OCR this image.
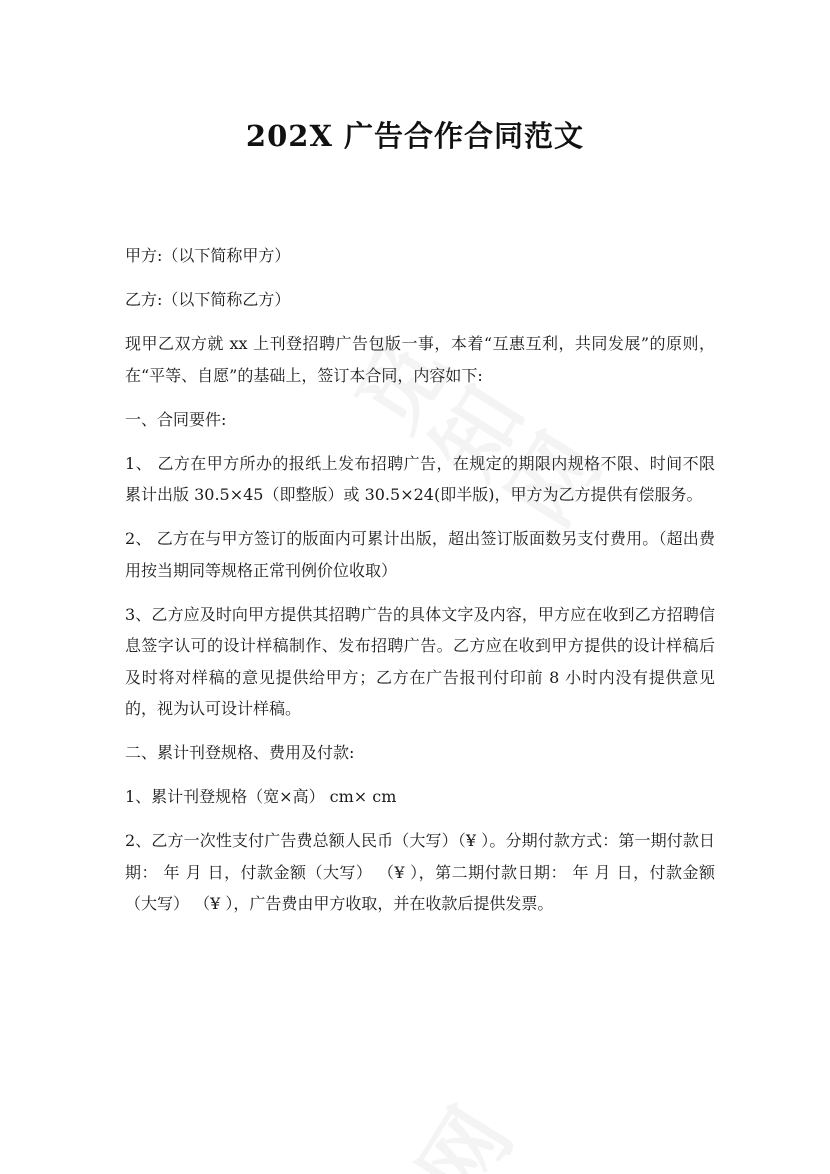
202X 广告合作合同范文

甲方:（以下简称甲方）

乙方:（以下简称乙方）

现甲乙双方就 xx 上刊登招聘广告包版一事，本着“互惠互利，共同发展”的原则，在“平等、自愿”的基础上，签订本合同，内容如下:

一、合同要件:

1、 乙方在甲方所办的报纸上发布招聘广告，在规定的期限内规格不限、时间不限累计出版 30.5×45（即整版）或 30.5×24(即半版)，甲方为乙方提供有偿服务。

2、 乙方在与甲方签订的版面内可累计出版，超出签订版面数另支付费用。（超出费用按当期同等规格正常刊例价位收取）

3、乙方应及时向甲方提供其招聘广告的具体文字及内容，甲方应在收到乙方招聘信息签字认可的设计样稿制作、发布招聘广告。乙方应在收到甲方提供的设计样稿后及时将对样稿的意见提供给甲方；乙方在广告报刊付印前 8 小时内没有提供意见的，视为认可设计样稿。

二、累计刊登规格、费用及付款:

1、累计刊登规格（宽×高） cm× cm

2、乙方一次性支付广告费总额人民币（大写）（¥ ）。分期付款方式：第一期付款日期： 年 月 日，付款金额（大写） （¥ ），第二期付款日期： 年 月 日，付款金额（大写） （¥ ），广告费由甲方收取，并在收款后提供发票。
